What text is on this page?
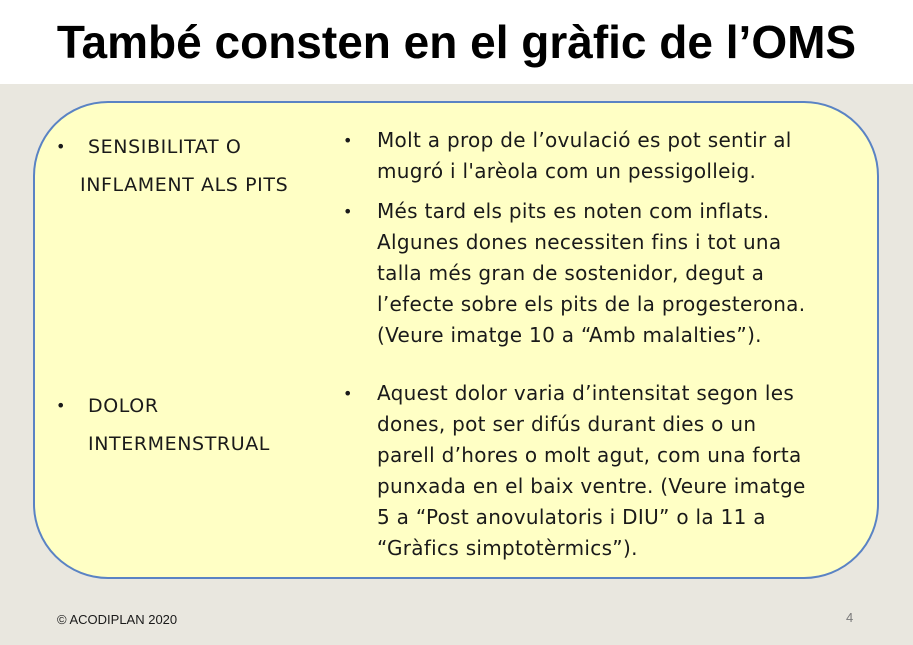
També consten en el gràfic de l’OMS
• SENSIBILITAT O
INFLAMENT ALS PITS
• Molt a prop de l’ovulació es pot sentir al
mugró i l'arèola com un pessigolleig.
• Més tard els pits es noten com inflats.
Algunes dones necessiten fins i tot una
talla més gran de sostenidor, degut a
l’efecte sobre els pits de la progesterona.
(Veure imatge 10 a “Amb malalties”).
• DOLOR
INTERMENSTRUAL
• Aquest dolor varia d’intensitat segon les
dones, pot ser difús durant dies o un
parell d’hores o molt agut, com una forta
punxada en el baix ventre. (Veure imatge
5 a “Post anovulatoris i DIU” o la 11 a
“Gràfics simptotèrmics”).
© ACODIPLAN 2020	4
